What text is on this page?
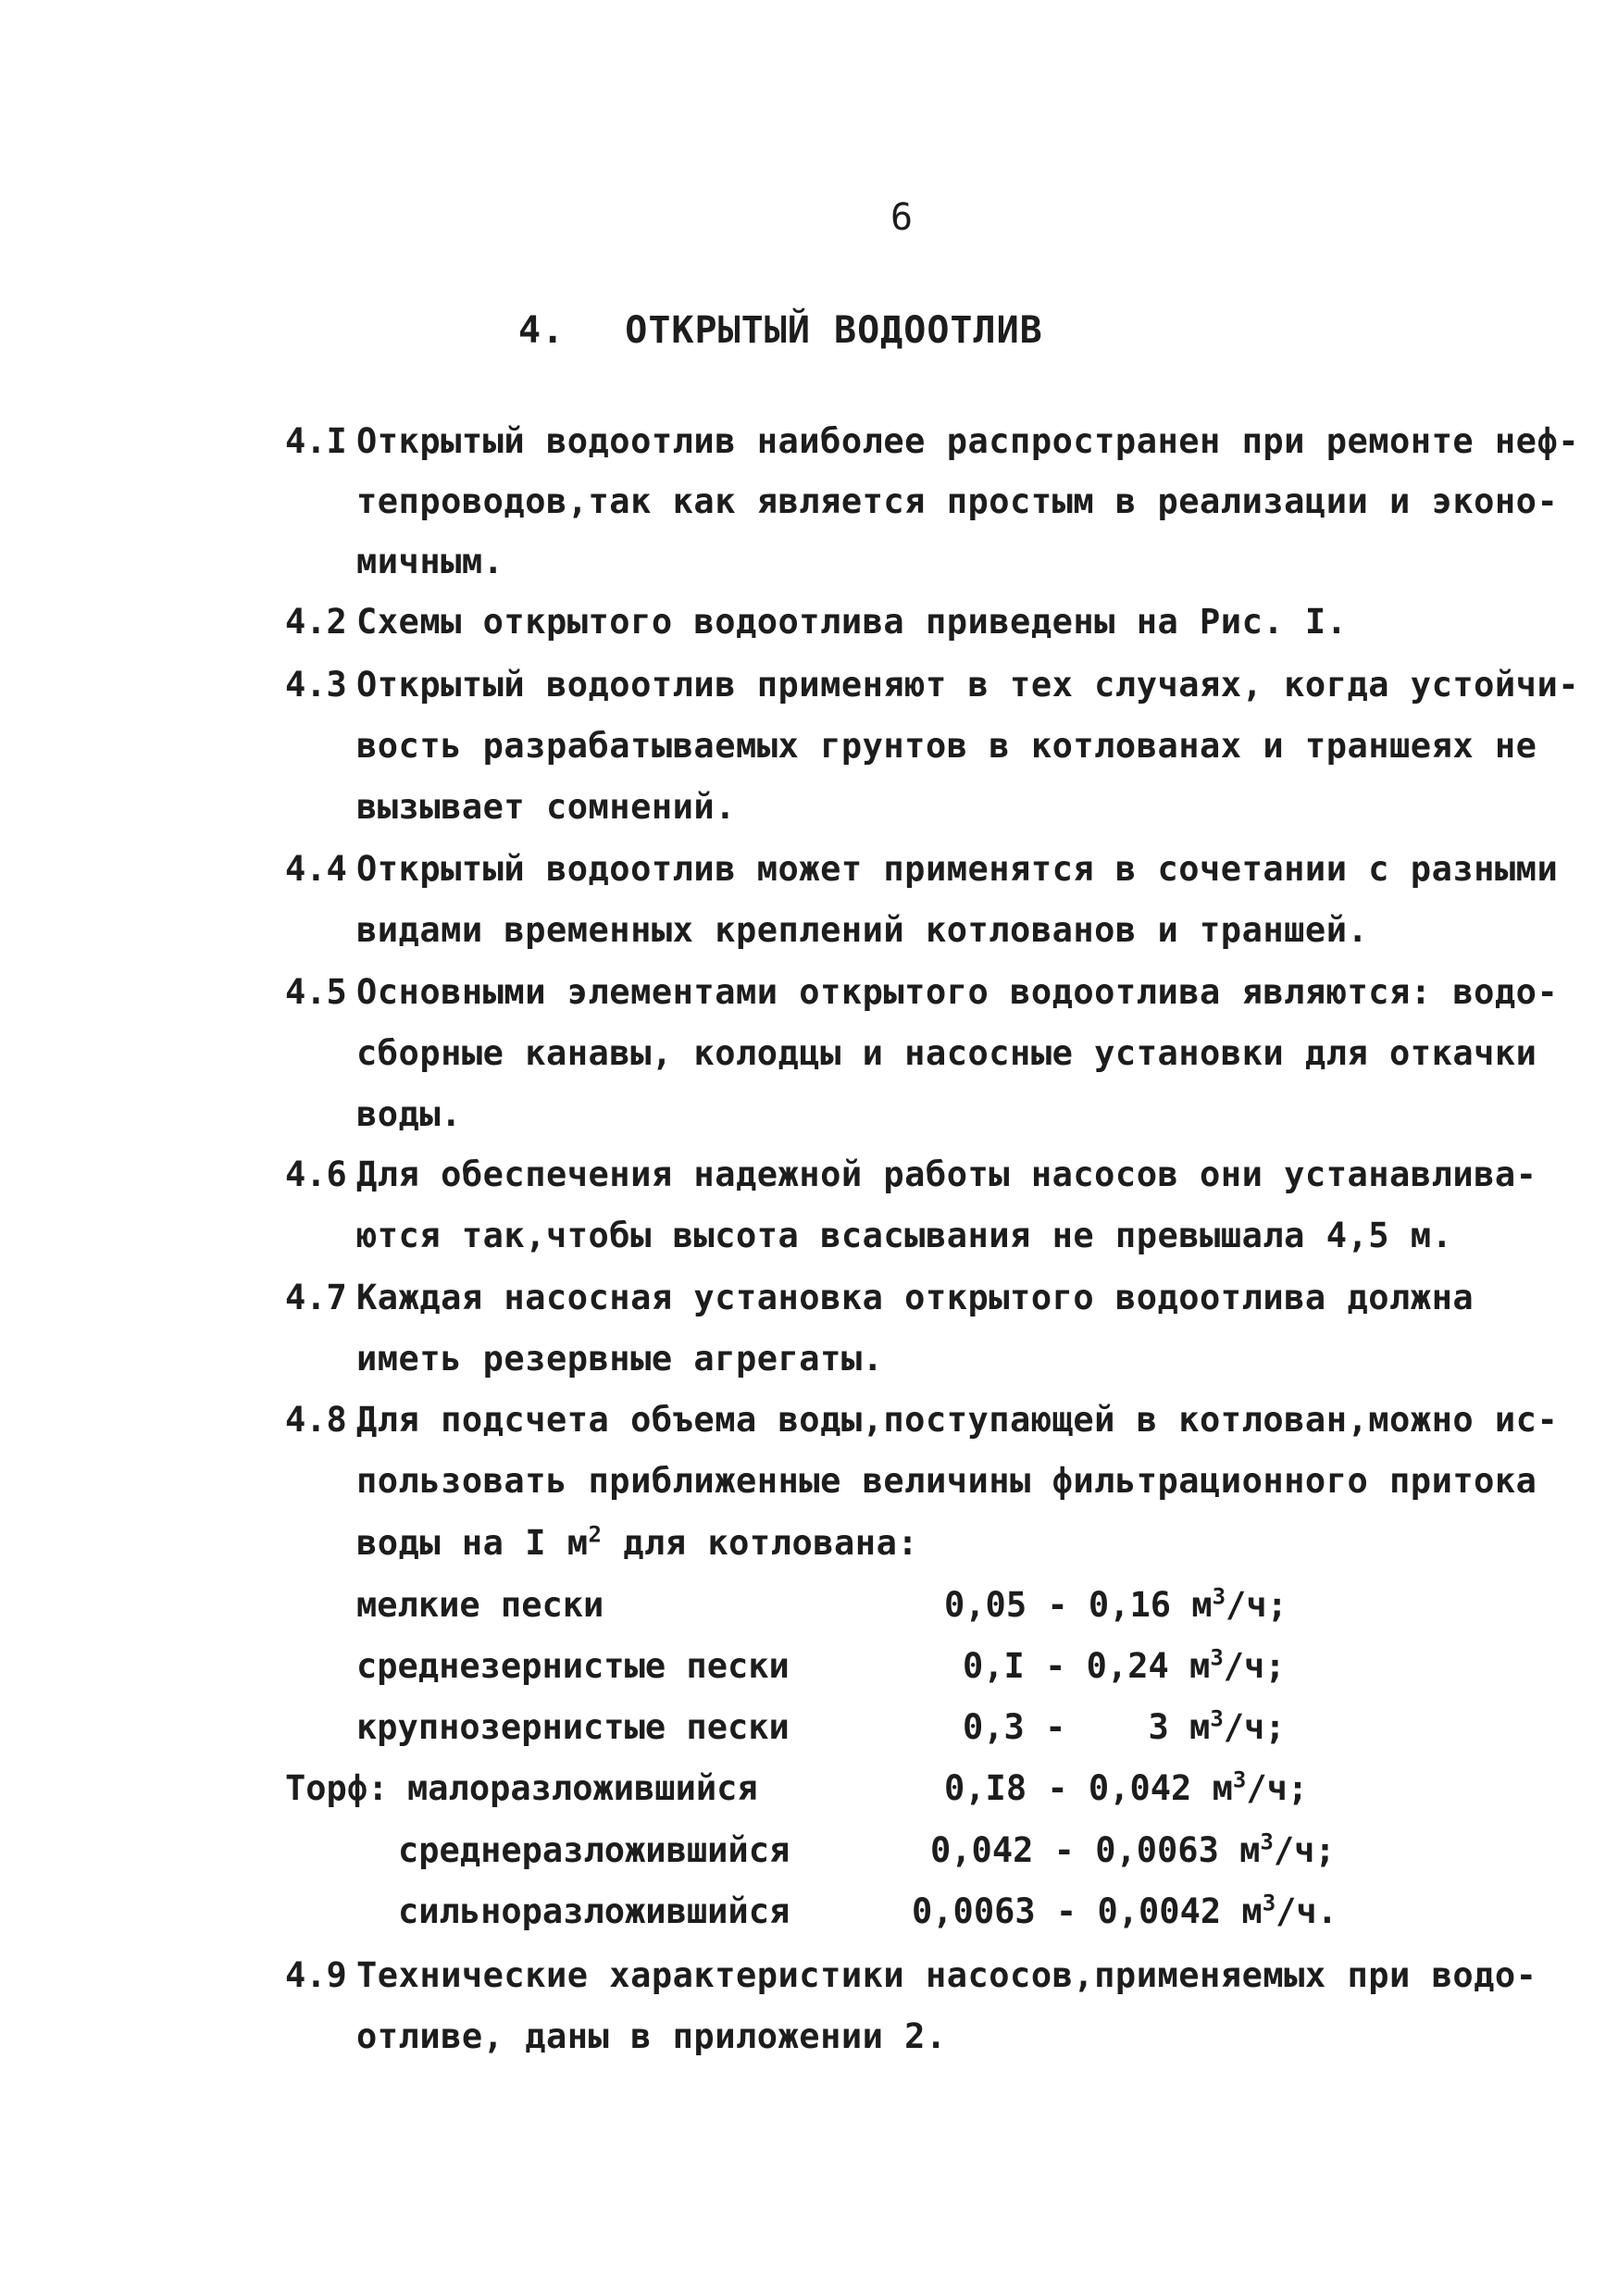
6
4. ОТКРЫТЫЙ ВОДООТЛИВ
4.I Открытый водоотлив наиболее распространен при ремонте неф-
тепроводов,так как является простым в реализации и эконо-
мичным.
4.2 Схемы открытого водоотлива приведены на Рис. I.
4.3 Открытый водоотлив применяют в тех случаях, когда устойчи-
вость разрабатываемых грунтов в котлованах и траншеях не
вызывает сомнений.
4.4 Открытый водоотлив может применятся в сочетании с разными
видами временных креплений котлованов и траншей.
4.5 Основными элементами открытого водоотлива являются: водо-
сборные канавы, колодцы и насосные установки для откачки
воды.
4.6 Для обеспечения надежной работы насосов они устанавлива-
ются так,чтобы высота всасывания не превышала 4,5 м.
4.7 Каждая насосная установка открытого водоотлива должна
иметь резервные агрегаты.
4.8 Для подсчета объема воды,поступающей в котлован,можно ис-
пользовать приближенные величины фильтрационного притока
воды на I $м^2$ для котлована:
мелкие пески	0,05 - 0,16 $м^3/ч$;
среднезернистые пески	0,I - 0,24 $м^3/ч$;
крупнозернистые пески	0,3 -    3 $м^3/ч$;
Торф: малоразложившийся	0,I8 - 0,042 $м^3/ч$;
среднеразложившийся	0,042 - 0,0063 $м^3/ч$;
сильноразложившийся	0,0063 - 0,0042 $м^3/ч$.
4.9 Технические характеристики насосов,применяемых при водо-
отливе, даны в приложении 2.
